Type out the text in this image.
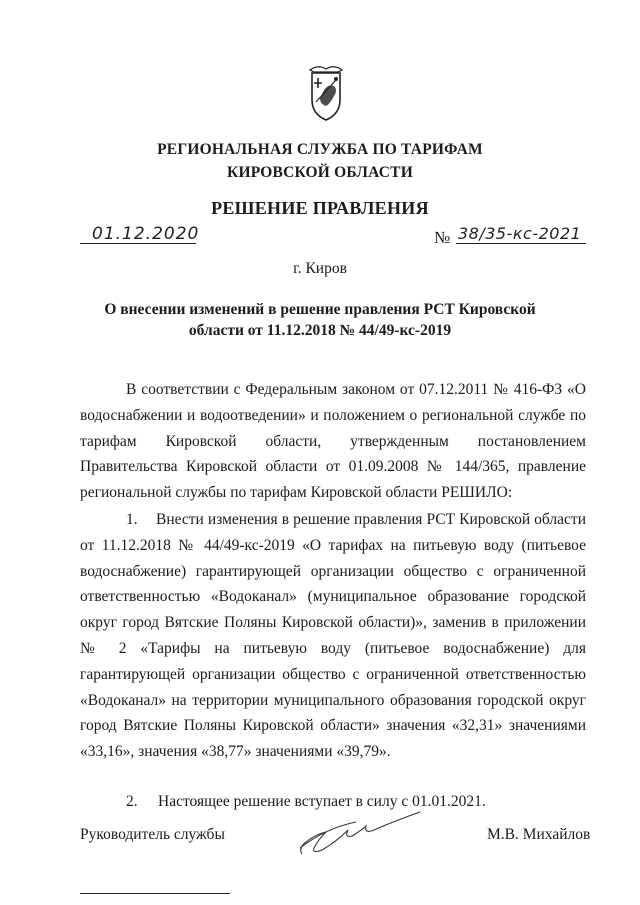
РЕГИОНАЛЬНАЯ СЛУЖБА ПО ТАРИФАМ
КИРОВСКОЙ ОБЛАСТИ
РЕШЕНИЕ ПРАВЛЕНИЯ
01.12.2020	№ 38/35-кс-2021
г. Киров
О внесении изменений в решение правления РСТ Кировской
области от 11.12.2018 № 44/49-кс-2019
В соответствии с Федеральным законом от 07.12.2011 № 416-ФЗ «О водоснабжении и водоотведении» и положением о региональной службе по тарифам Кировской области, утвержденным постановлением Правительства Кировской области от 01.09.2008 № 144/365, правление региональной службы по тарифам Кировской области РЕШИЛО:
1. Внести изменения в решение правления РСТ Кировской области от 11.12.2018 № 44/49-кс-2019 «О тарифах на питьевую воду (питьевое водоснабжение) гарантирующей организации общество с ограниченной ответственностью «Водоканал» (муниципальное образование городской округ город Вятские Поляны Кировской области)», заменив в приложении № 2 «Тарифы на питьевую воду (питьевое водоснабжение) для гарантирующей организации общество с ограниченной ответственностью «Водоканал» на территории муниципального образования городской округ город Вятские Поляны Кировской области» значения «32,31» значениями «33,16», значения «38,77» значениями «39,79».
2. Настоящее решение вступает в силу с 01.01.2021.
Руководитель службы	М.В. Михайлов
